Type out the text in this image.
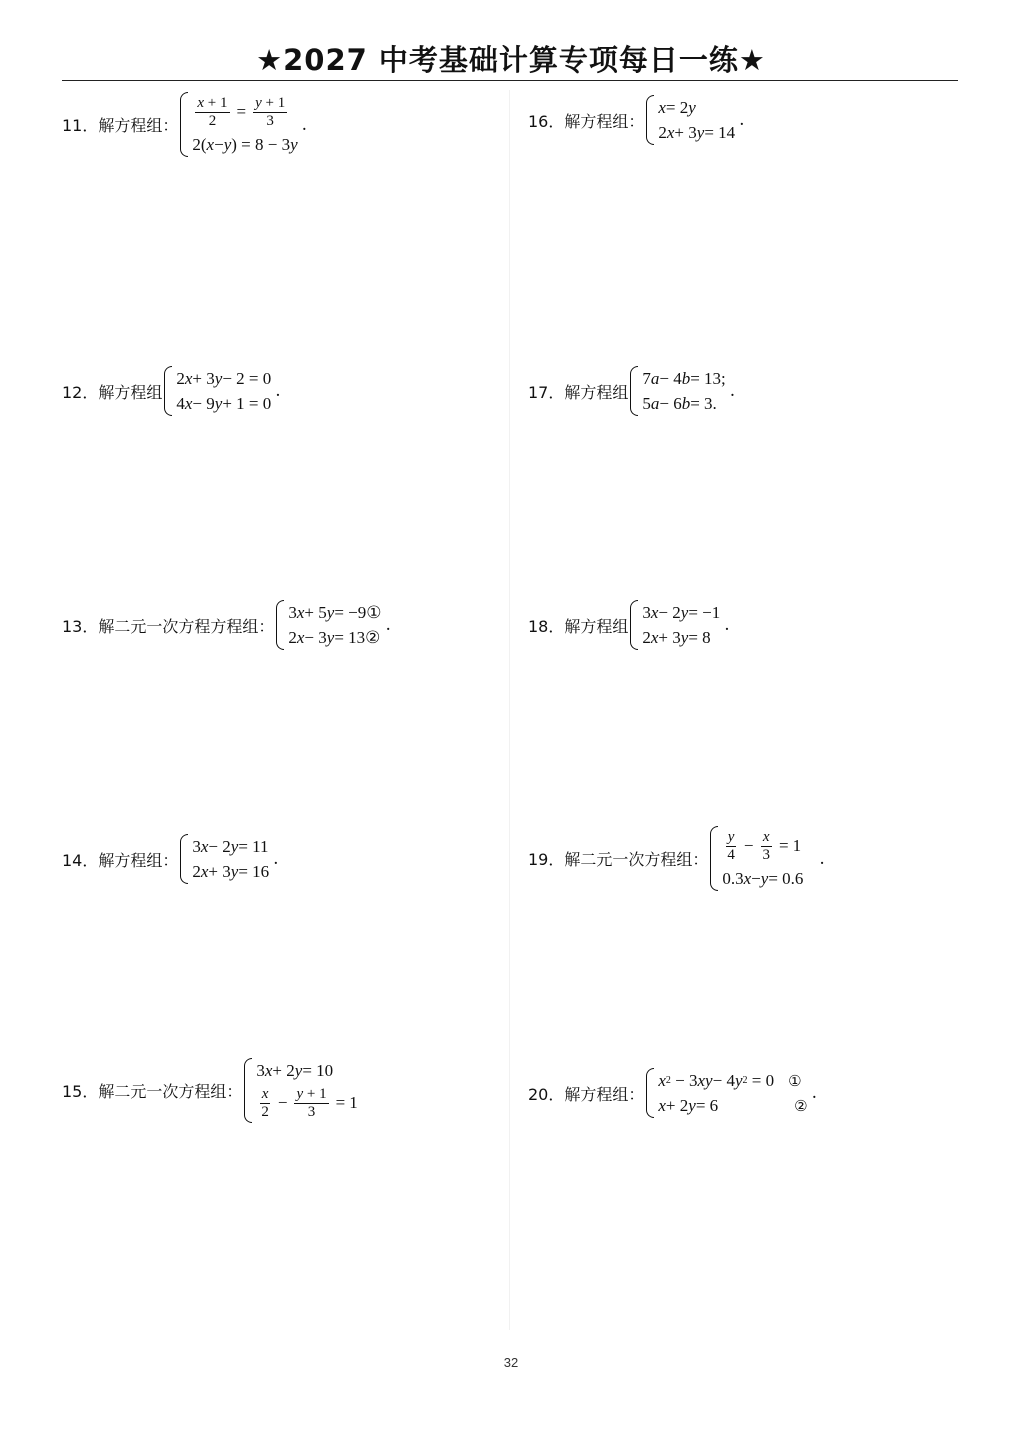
★2027 中考基础计算专项每日一练★
11．解方程组： $\frac{x + 1}{2} = \frac{y + 1}{3}$
2( x − y ) = 8 − 3 y
.	16．解方程组：
x = 2 y
2 x + 3 y = 14
.
12．解方程组
2 x + 3 y − 2 = 0
4 x − 9 y + 1 = 0
.	17．解方程组
7 a − 4 b = 13;
5 a − 6 b = 3.
.
13．解二元一次方程方程组：
3 x + 5 y = −9①
2 x − 3 y = 13②
.	18．解方程组
3 x − 2 y = −1
2 x + 3 y = 8
.
14．解方程组：
3 x − 2 y = 11
2 x + 3 y = 16
.	19．解二元一次方程组： $\frac{y}{4} - \frac{x}{3} = 1$
0.3 x − y = 0.6
.
15．解二元一次方程组：
3 x + 2 y = 10
$\frac{x}{2} - \frac{y + 1}{3} = 1$	20．解方程组：
x 2 − 3 xy − 4 y 2 = 0 ①
x + 2 y = 6	②
.
32
